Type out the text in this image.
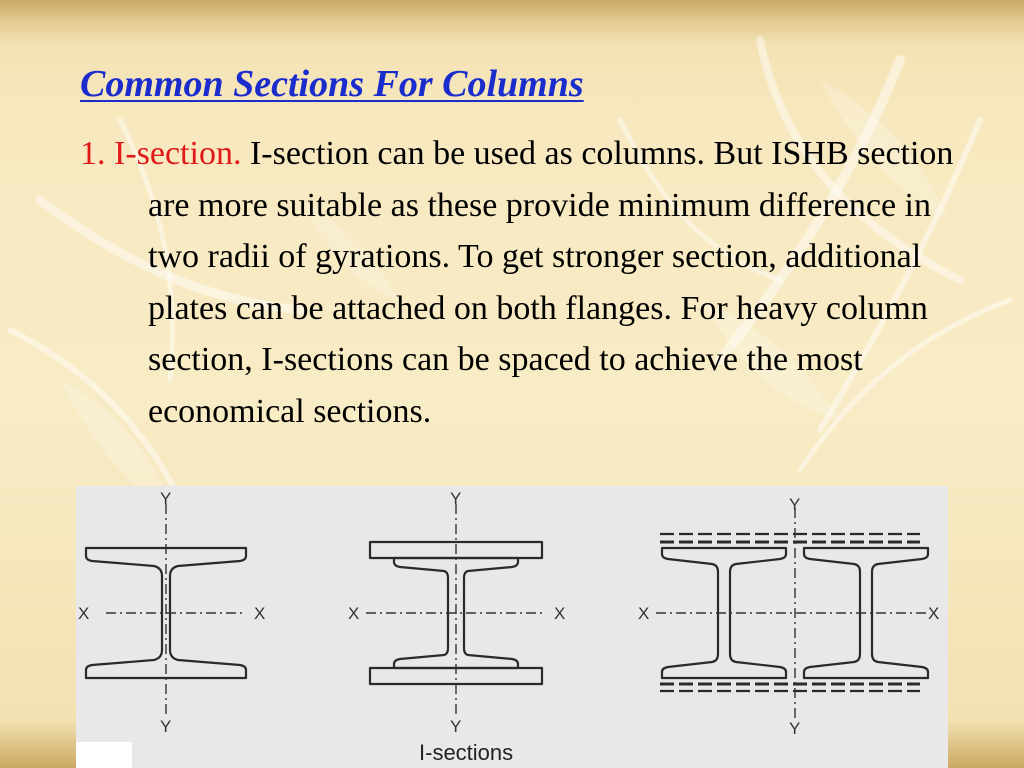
Common Sections For Columns

1. I-section. I-section can be used as columns. But ISHB section are more suitable as these provide minimum difference in two radii of gyrations. To get stronger section, additional plates can be attached on both flanges. For heavy column section, I-sections can be spaced to achieve the most economical sections.

Y
Y
X	X
Y
Y
X	X
Y
Y
X	X
I-sections
